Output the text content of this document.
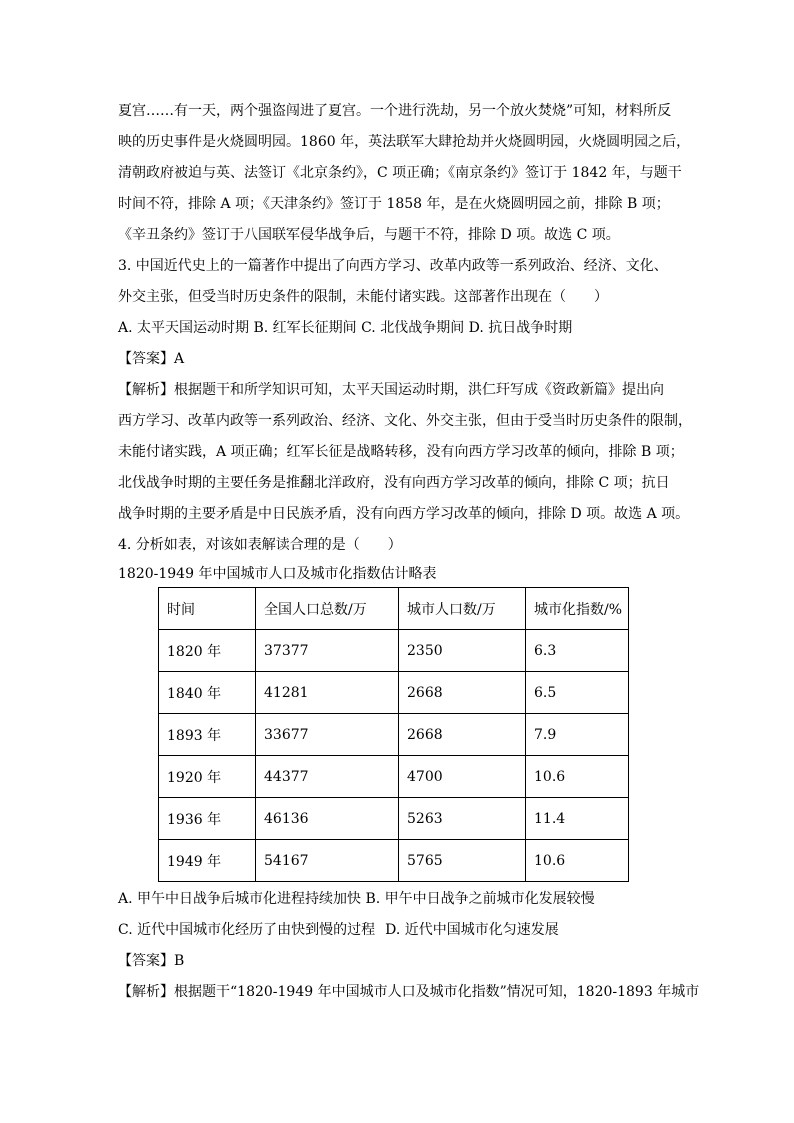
夏宫……有一天，两个强盗闯进了夏宫。一个进行洗劫，另一个放火焚烧”可知，材料所反
映的历史事件是火烧圆明园。1860 年，英法联军大肆抢劫并火烧圆明园，火烧圆明园之后，
清朝政府被迫与英、法签订《北京条约》，C 项正确；《南京条约》签订于 1842 年，与题干
时间不符，排除 A 项；《天津条约》签订于 1858 年，是在火烧圆明园之前，排除 B 项；
《辛丑条约》签订于八国联军侵华战争后，与题干不符，排除 D 项。故选 C 项。
3. 中国近代史上的一篇著作中提出了向西方学习、改革内政等一系列政治、经济、文化、
外交主张，但受当时历史条件的限制，未能付诸实践。这部著作出现在（　　）
A. 太平天国运动时期 B. 红军长征期间 C. 北伐战争期间 D. 抗日战争时期
【答案】A
【解析】根据题干和所学知识可知，太平天国运动时期，洪仁玕写成《资政新篇》提出向
西方学习、改革内政等一系列政治、经济、文化、外交主张，但由于受当时历史条件的限制，
未能付诸实践，A 项正确；红军长征是战略转移，没有向西方学习改革的倾向，排除 B 项；
北伐战争时期的主要任务是推翻北洋政府，没有向西方学习改革的倾向，排除 C 项；抗日
战争时期的主要矛盾是中日民族矛盾，没有向西方学习改革的倾向，排除 D 项。故选 A 项。
4. 分析如表，对该如表解读合理的是（　　）
1820-1949 年中国城市人口及城市化指数估计略表
时间	全国人口总数/万	城市人口数/万	城市化指数/%
1820 年	37377	2350	6.3
1840 年	41281	2668	6.5
1893 年	33677	2668	7.9
1920 年	44377	4700	10.6
1936 年	46136	5263	11.4
1949 年	54167	5765	10.6
A. 甲午中日战争后城市化进程持续加快 B. 甲午中日战争之前城市化发展较慢
C. 近代中国城市化经历了由快到慢的过程 D. 近代中国城市化匀速发展
【答案】B
【解析】根据题干“1820-1949 年中国城市人口及城市化指数”情况可知，1820-1893 年城市
